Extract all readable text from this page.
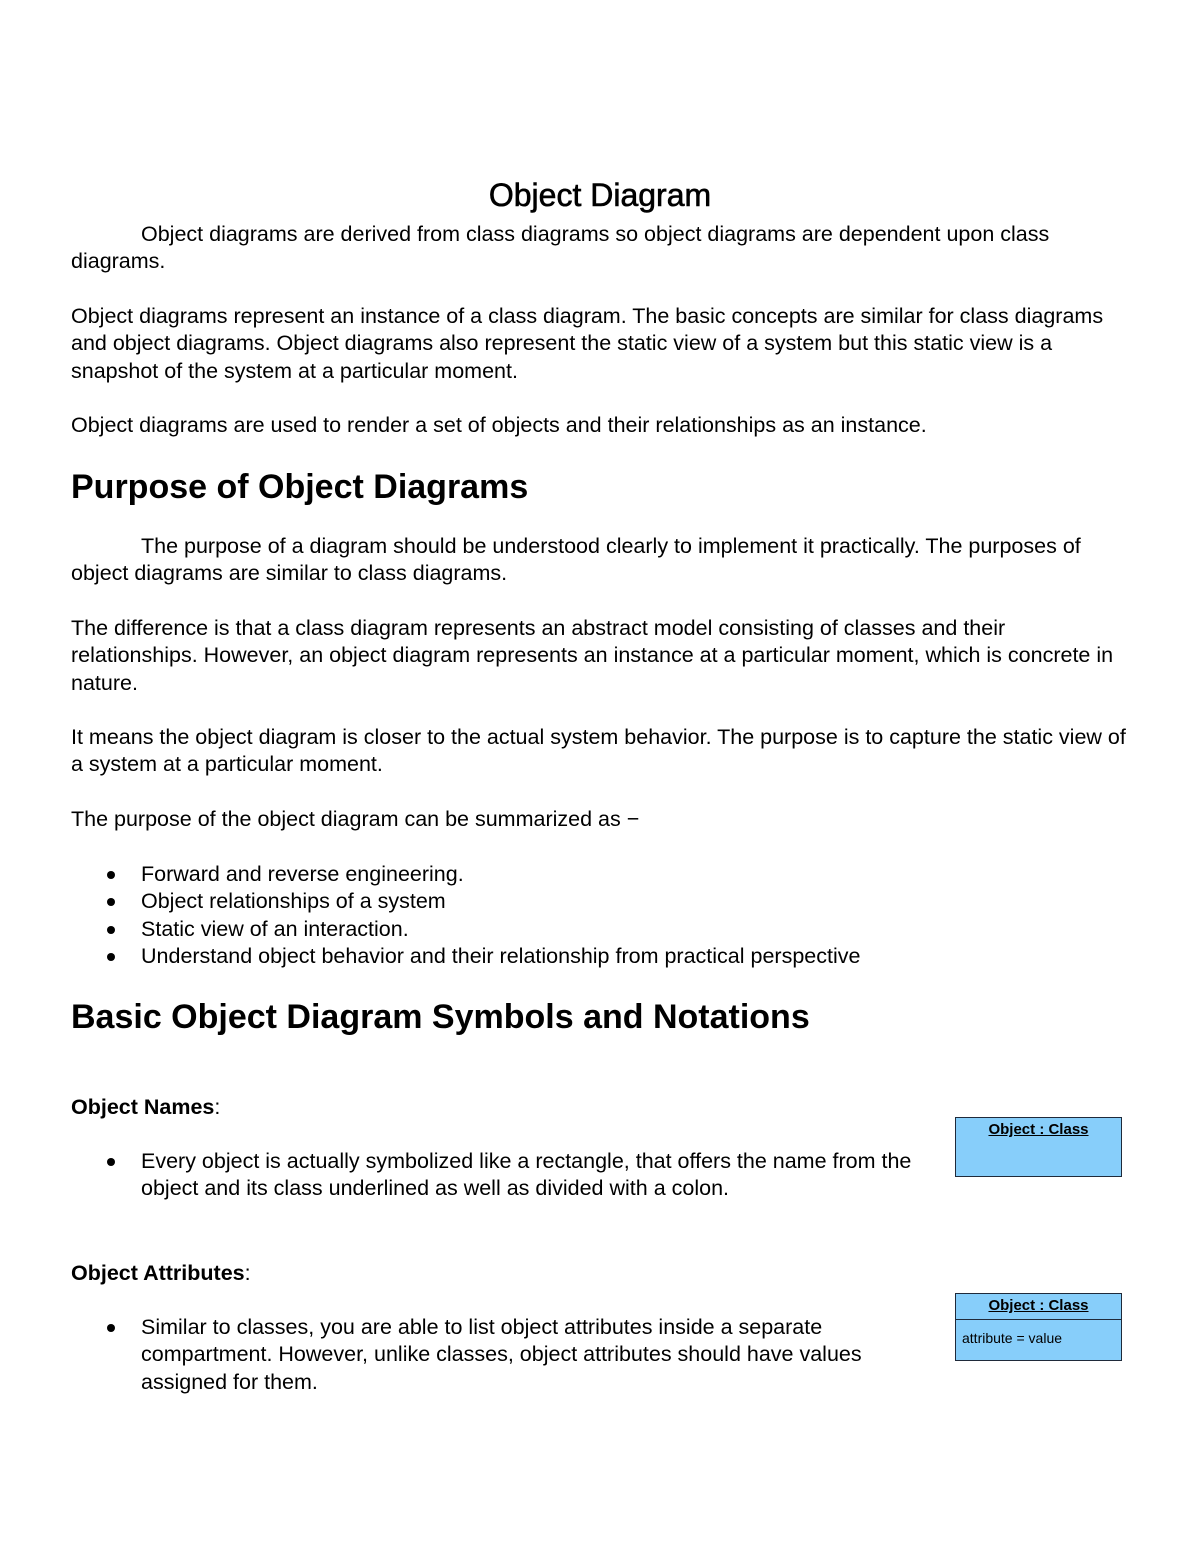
Object Diagram

Object diagrams are derived from class diagrams so object diagrams are dependent upon class diagrams.

Object diagrams represent an instance of a class diagram. The basic concepts are similar for class diagrams and object diagrams. Object diagrams also represent the static view of a system but this static view is a snapshot of the system at a particular moment.

Object diagrams are used to render a set of objects and their relationships as an instance.

Purpose of Object Diagrams

The purpose of a diagram should be understood clearly to implement it practically. The purposes of object diagrams are similar to class diagrams.

The difference is that a class diagram represents an abstract model consisting of classes and their relationships. However, an object diagram represents an instance at a particular moment, which is concrete in nature.

It means the object diagram is closer to the actual system behavior. The purpose is to capture the static view of a system at a particular moment.

The purpose of the object diagram can be summarized as −

Forward and reverse engineering.
Object relationships of a system
Static view of an interaction.
Understand object behavior and their relationship from practical perspective
Basic Object Diagram Symbols and Notations
Object Names:
Every object is actually symbolized like a rectangle, that offers the name from the object and its class underlined as well as divided with a colon.
Object : Class
Object Attributes:
Similar to classes, you are able to list object attributes inside a separate compartment. However, unlike classes, object attributes should have values assigned for them.
Object : Class
attribute = value
